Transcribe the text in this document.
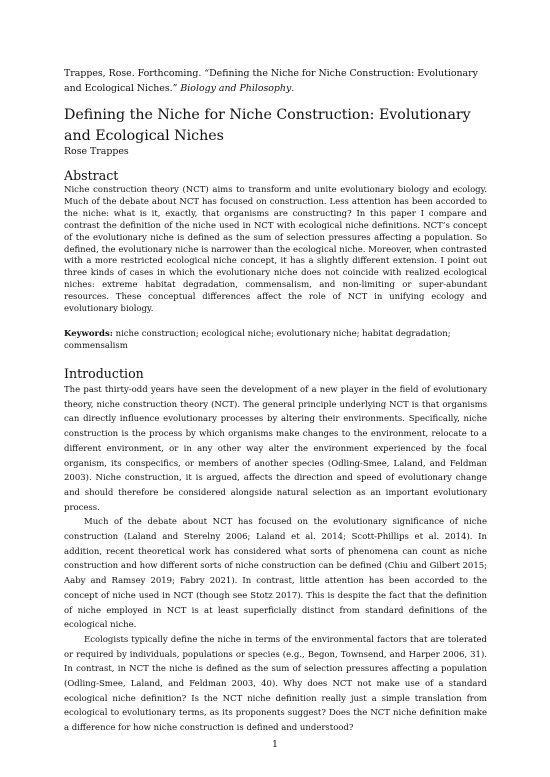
Trappes, Rose. Forthcoming. “Defining the Niche for Niche Construction: Evolutionary and Ecological Niches.” Biology and Philosophy.
Defining the Niche for Niche Construction: Evolutionary and Ecological Niches
Rose Trappes
Abstract

Niche construction theory (NCT) aims to transform and unite evolutionary biology and ecology. Much of the debate about NCT has focused on construction. Less attention has been accorded to the niche: what is it, exactly, that organisms are constructing? In this paper I compare and contrast the definition of the niche used in NCT with ecological niche definitions. NCT’s concept of the evolutionary niche is defined as the sum of selection pressures affecting a population. So defined, the evolutionary niche is narrower than the ecological niche. Moreover, when contrasted with a more restricted ecological niche concept, it has a slightly different extension. I point out three kinds of cases in which the evolutionary niche does not coincide with realized ecological niches: extreme habitat degradation, commensalism, and non-limiting or super-abundant resources. These conceptual differences affect the role of NCT in unifying ecology and evolutionary biology.

Keywords: niche construction; ecological niche; evolutionary niche; habitat degradation; commensalism

Introduction

The past thirty-odd years have seen the development of a new player in the field of evolutionary theory, niche construction theory (NCT). The general principle underlying NCT is that organisms can directly influence evolutionary processes by altering their environments. Specifically, niche construction is the process by which organisms make changes to the environment, relocate to a different environment, or in any other way alter the environment experienced by the focal organism, its conspecifics, or members of another species (Odling-Smee, Laland, and Feldman 2003). Niche construction, it is argued, affects the direction and speed of evolutionary change and should therefore be considered alongside natural selection as an important evolutionary process.

Much of the debate about NCT has focused on the evolutionary significance of niche construction (Laland and Sterelny 2006; Laland et al. 2014; Scott-Phillips et al. 2014). In addition, recent theoretical work has considered what sorts of phenomena can count as niche construction and how different sorts of niche construction can be defined (Chiu and Gilbert 2015; Aaby and Ramsey 2019; Fabry 2021). In contrast, little attention has been accorded to the concept of niche used in NCT (though see Stotz 2017). This is despite the fact that the definition of niche employed in NCT is at least superficially distinct from standard definitions of the ecological niche.

Ecologists typically define the niche in terms of the environmental factors that are tolerated or required by individuals, populations or species (e.g., Begon, Townsend, and Harper 2006, 31). In contrast, in NCT the niche is defined as the sum of selection pressures affecting a population (Odling-Smee, Laland, and Feldman 2003, 40). Why does NCT not make use of a standard ecological niche definition? Is the NCT niche definition really just a simple translation from ecological to evolutionary terms, as its proponents suggest? Does the NCT niche definition make a difference for how niche construction is defined and understood?

1
